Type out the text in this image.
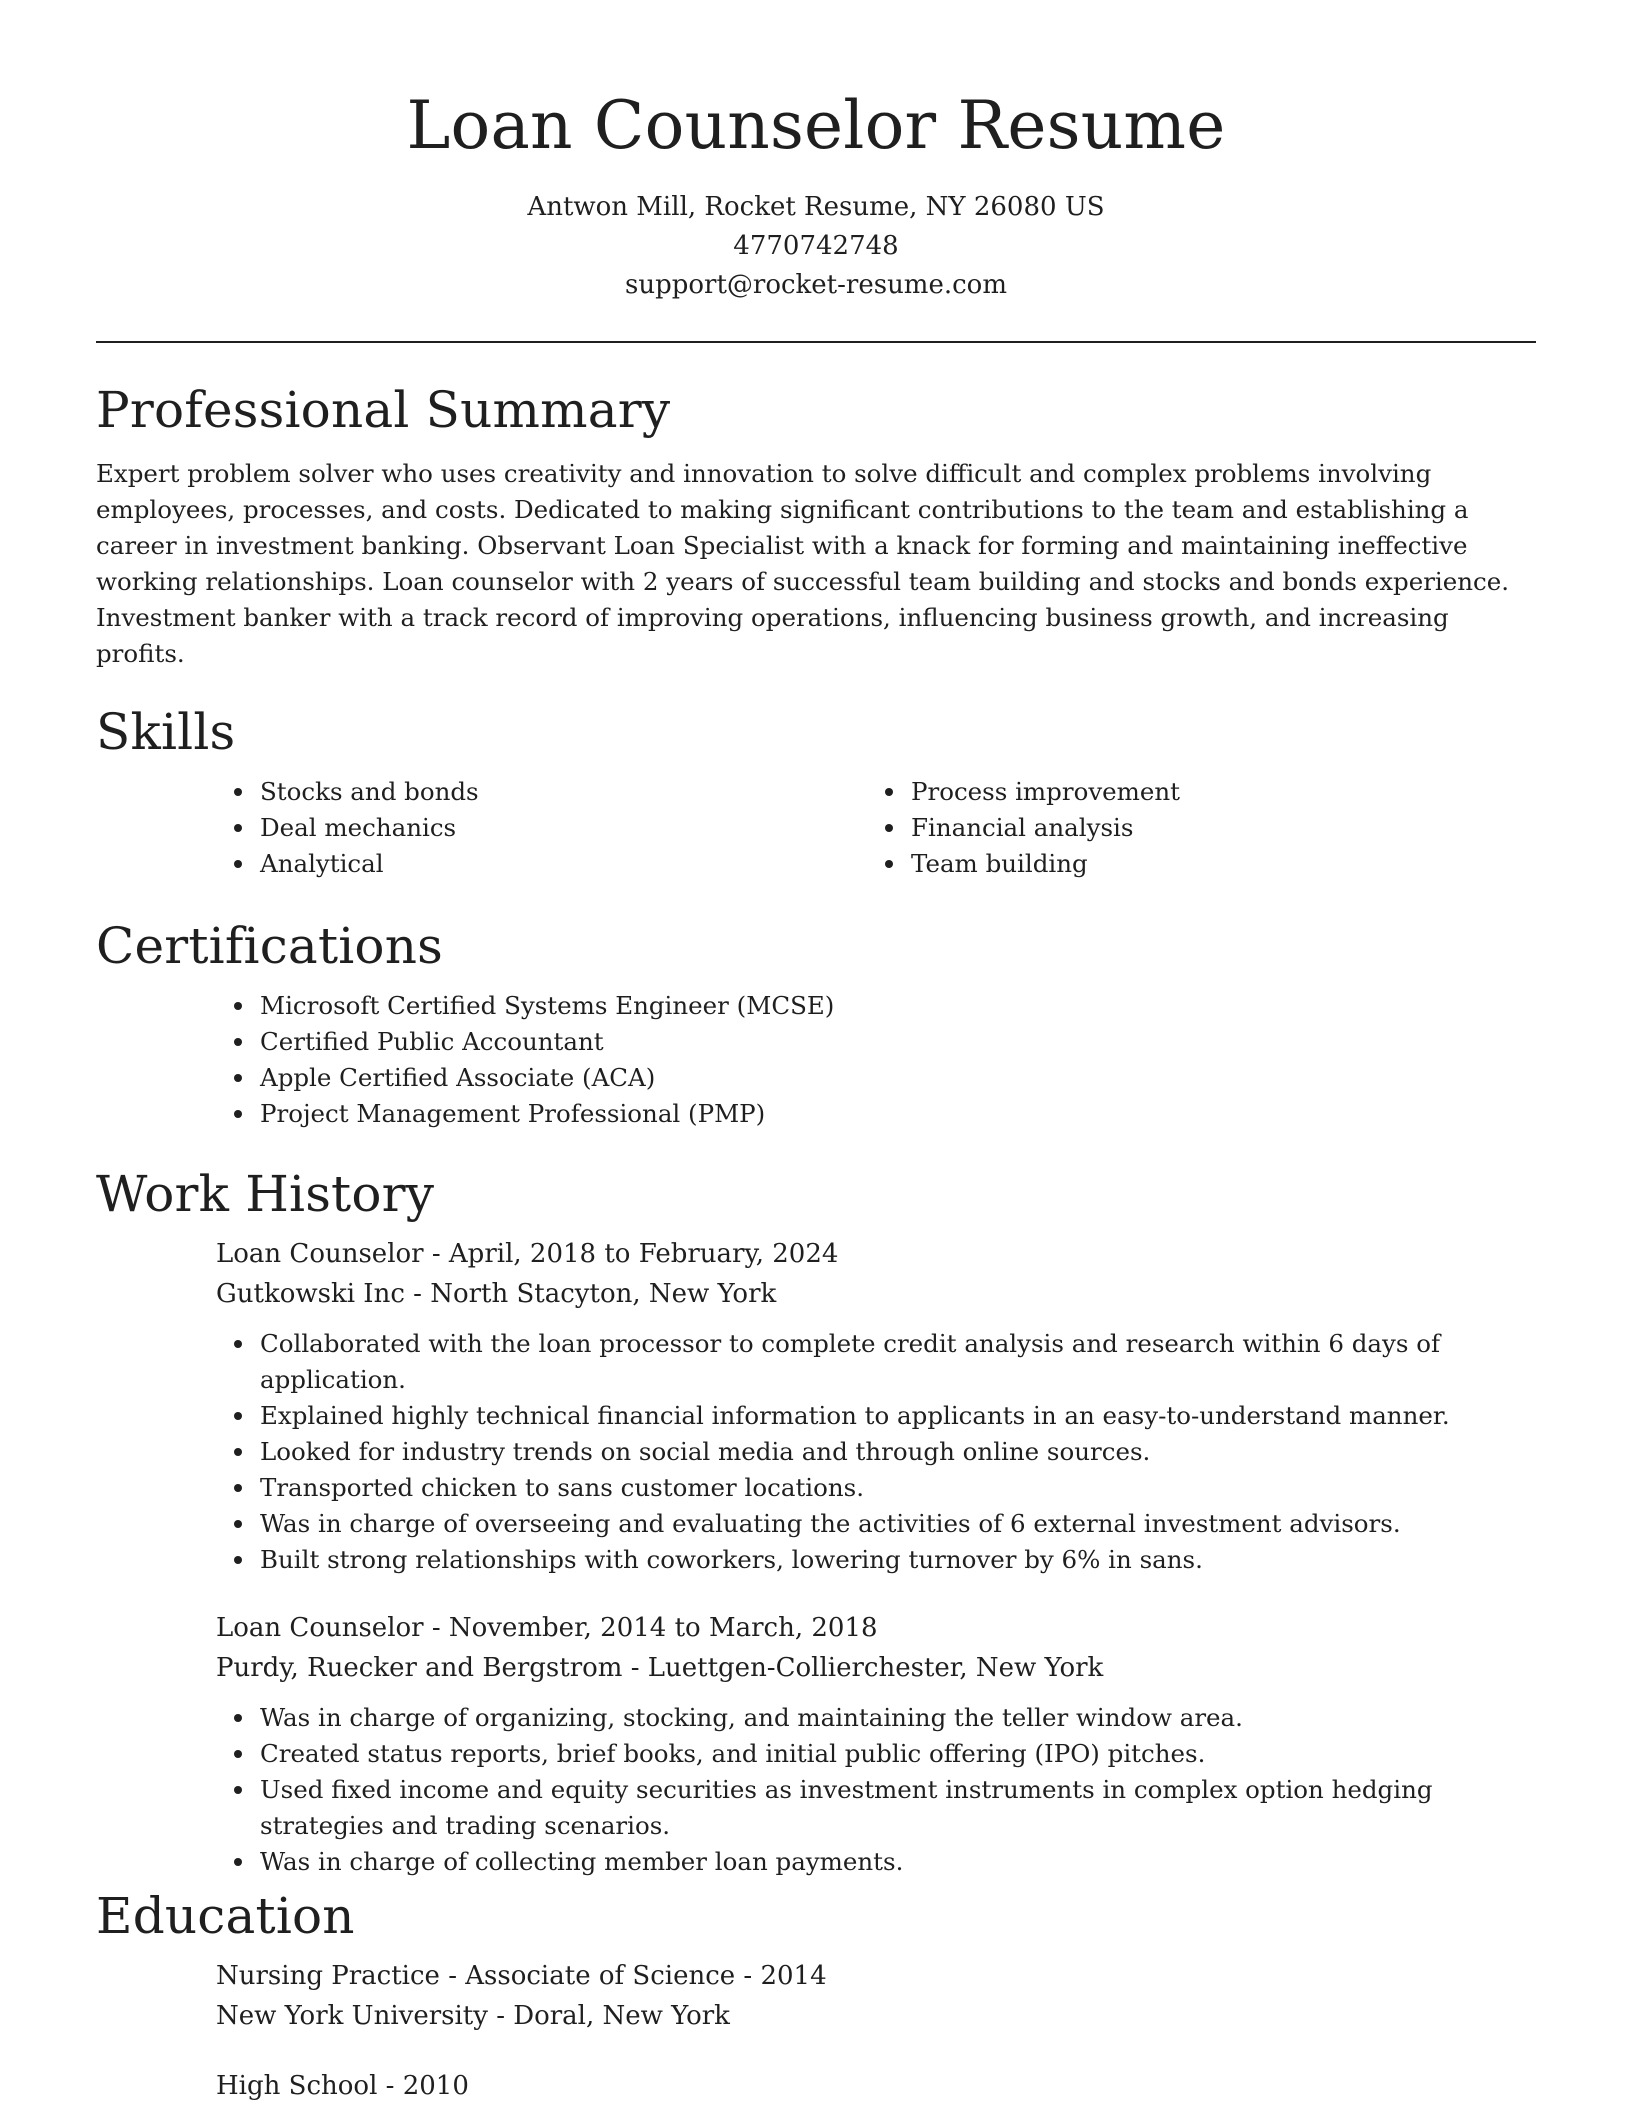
Loan Counselor Resume
Antwon Mill, Rocket Resume, NY 26080 US
4770742748
support@rocket-resume.com
Professional Summary

Expert problem solver who uses creativity and innovation to solve difficult and complex problems involving employees, processes, and costs. Dedicated to making significant contributions to the team and establishing a career in investment banking. Observant Loan Specialist with a knack for forming and maintaining ineffective working relationships. Loan counselor with 2 years of successful team building and stocks and bonds experience. Investment banker with a track record of improving operations, influencing business growth, and increasing profits.

Skills
Stocks and bonds
Deal mechanics
Analytical
Process improvement
Financial analysis
Team building
Certifications
Microsoft Certified Systems Engineer (MCSE)
Certified Public Accountant
Apple Certified Associate (ACA)
Project Management Professional (PMP)
Work History
Loan Counselor - April, 2018 to February, 2024
Gutkowski Inc - North Stacyton, New York
Collaborated with the loan processor to complete credit analysis and research within 6 days of application.
Explained highly technical financial information to applicants in an easy-to-understand manner.
Looked for industry trends on social media and through online sources.
Transported chicken to sans customer locations.
Was in charge of overseeing and evaluating the activities of 6 external investment advisors.
Built strong relationships with coworkers, lowering turnover by 6% in sans.
Loan Counselor - November, 2014 to March, 2018
Purdy, Ruecker and Bergstrom - Luettgen-Collierchester, New York
Was in charge of organizing, stocking, and maintaining the teller window area.
Created status reports, brief books, and initial public offering (IPO) pitches.
Used fixed income and equity securities as investment instruments in complex option hedging strategies and trading scenarios.
Was in charge of collecting member loan payments.
Education
Nursing Practice - Associate of Science - 2014
New York University - Doral, New York
High School - 2010
